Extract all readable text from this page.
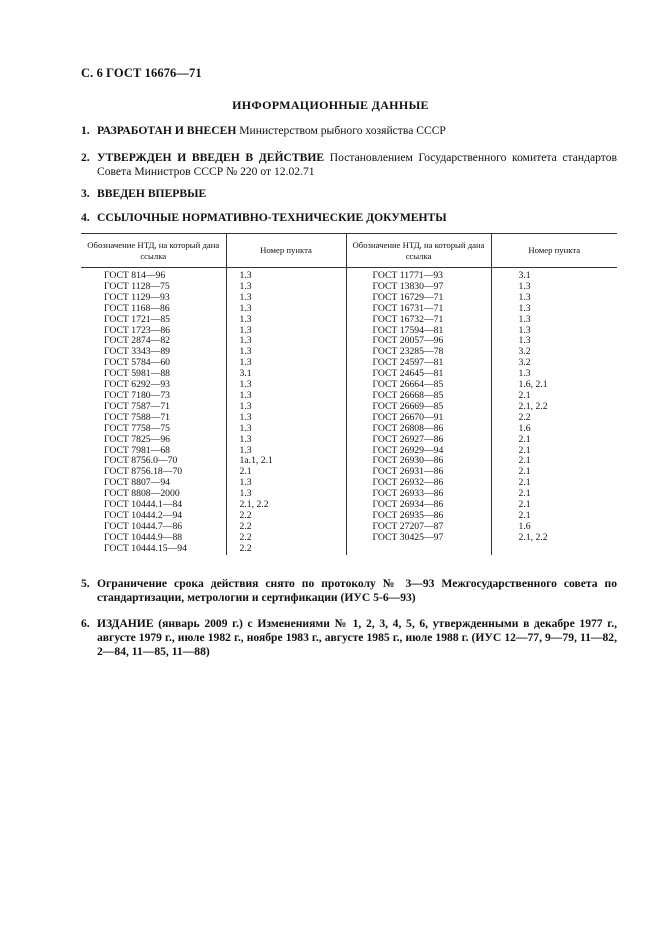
С. 6 ГОСТ 16676—71
ИНФОРМАЦИОННЫЕ ДАННЫЕ
1. РАЗРАБОТАН И ВНЕСЕН Министерством рыбного хозяйства СССР
2. УТВЕРЖДЕН И ВВЕДЕН В ДЕЙСТВИЕ Постановлением Государственного комитета стандартов Совета Министров СССР № 220 от 12.02.71
3. ВВЕДЕН ВПЕРВЫЕ
4. ССЫЛОЧНЫЕ НОРМАТИВНО-ТЕХНИЧЕСКИЕ ДОКУМЕНТЫ
Обозначение НТД, на который дана ссылка	Номер пункта	Обозначение НТД, на который дана ссылка	Номер пункта
ГОСТ 814—96	1.3	ГОСТ 11771—93	3.1
ГОСТ 1128—75	1.3	ГОСТ 13830—97	1.3
ГОСТ 1129—93	1.3	ГОСТ 16729—71	1.3
ГОСТ 1168—86	1.3	ГОСТ 16731—71	1.3
ГОСТ 1721—85	1.3	ГОСТ 16732—71	1.3
ГОСТ 1723—86	1.3	ГОСТ 17594—81	1.3
ГОСТ 2874—82	1.3	ГОСТ 20057—96	1.3
ГОСТ 3343—89	1.3	ГОСТ 23285—78	3.2
ГОСТ 5784—60	1.3	ГОСТ 24597—81	3.2
ГОСТ 5981—88	3.1	ГОСТ 24645—81	1.3
ГОСТ 6292—93	1.3	ГОСТ 26664—85	1.6, 2.1
ГОСТ 7180—73	1.3	ГОСТ 26668—85	2.1
ГОСТ 7587—71	1.3	ГОСТ 26669—85	2.1, 2.2
ГОСТ 7588—71	1.3	ГОСТ 26670—91	2.2
ГОСТ 7758—75	1.3	ГОСТ 26808—86	1.6
ГОСТ 7825—96	1.3	ГОСТ 26927—86	2.1
ГОСТ 7981—68	1.3	ГОСТ 26929—94	2.1
ГОСТ 8756.0—70	1a.1, 2.1	ГОСТ 26930—86	2.1
ГОСТ 8756.18—70	2.1	ГОСТ 26931—86	2.1
ГОСТ 8807—94	1.3	ГОСТ 26932—86	2.1
ГОСТ 8808—2000	1.3	ГОСТ 26933—86	2.1
ГОСТ 10444.1—84	2.1, 2.2	ГОСТ 26934—86	2.1
ГОСТ 10444.2—94	2.2	ГОСТ 26935—86	2.1
ГОСТ 10444.7—86	2.2	ГОСТ 27207—87	1.6
ГОСТ 10444.9—88	2.2	ГОСТ 30425—97	2.1, 2.2
ГОСТ 10444.15—94	2.2		
5. Ограничение срока действия снято по протоколу № 3—93 Межгосударственного совета по стандартизации, метрологии и сертификации (ИУС 5-6—93)
6. ИЗДАНИЕ (январь 2009 г.) с Изменениями № 1, 2, 3, 4, 5, 6, утвержденными в декабре 1977 г., августе 1979 г., июле 1982 г., ноябре 1983 г., августе 1985 г., июле 1988 г. (ИУС 12—77, 9—79, 11—82, 2—84, 11—85, 11—88)
